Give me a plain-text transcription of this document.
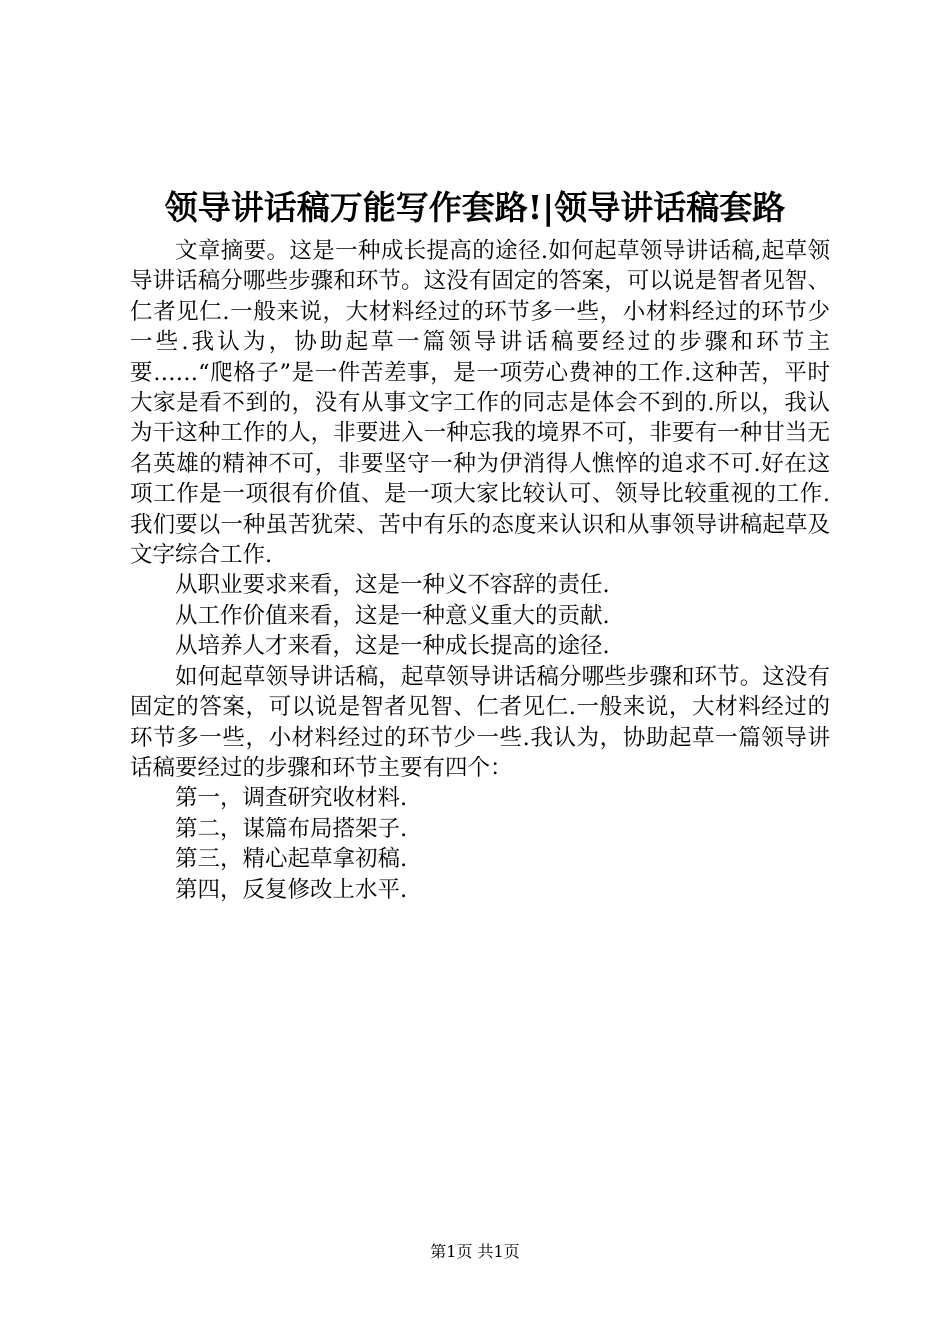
领导讲话稿万能写作套路!|领导讲话稿套路

文章摘要。这是一种成长提高的途径.如何起草领导讲话稿,起草领导讲话稿分哪些步骤和环节。这没有固定的答案，可以说是智者见智、仁者见仁.一般来说，大材料经过的环节多一些，小材料经过的环节少一些.我认为，协助起草一篇领导讲话稿要经过的步骤和环节主要……“爬格子”是一件苦差事，是一项劳心费神的工作.这种苦，平时大家是看不到的，没有从事文字工作的同志是体会不到的.所以，我认为干这种工作的人，非要进入一种忘我的境界不可，非要有一种甘当无名英雄的精神不可，非要坚守一种为伊消得人憔悴的追求不可.好在这项工作是一项很有价值、是一项大家比较认可、领导比较重视的工作.我们要以一种虽苦犹荣、苦中有乐的态度来认识和从事领导讲稿起草及文字综合工作.

从职业要求来看，这是一种义不容辞的责任.

从工作价值来看，这是一种意义重大的贡献.

从培养人才来看，这是一种成长提高的途径.

如何起草领导讲话稿，起草领导讲话稿分哪些步骤和环节。这没有固定的答案，可以说是智者见智、仁者见仁.一般来说，大材料经过的环节多一些，小材料经过的环节少一些.我认为，协助起草一篇领导讲话稿要经过的步骤和环节主要有四个：

第一，调查研究收材料.

第二，谋篇布局搭架子.

第三，精心起草拿初稿.

第四，反复修改上水平.

第1页 共1页
